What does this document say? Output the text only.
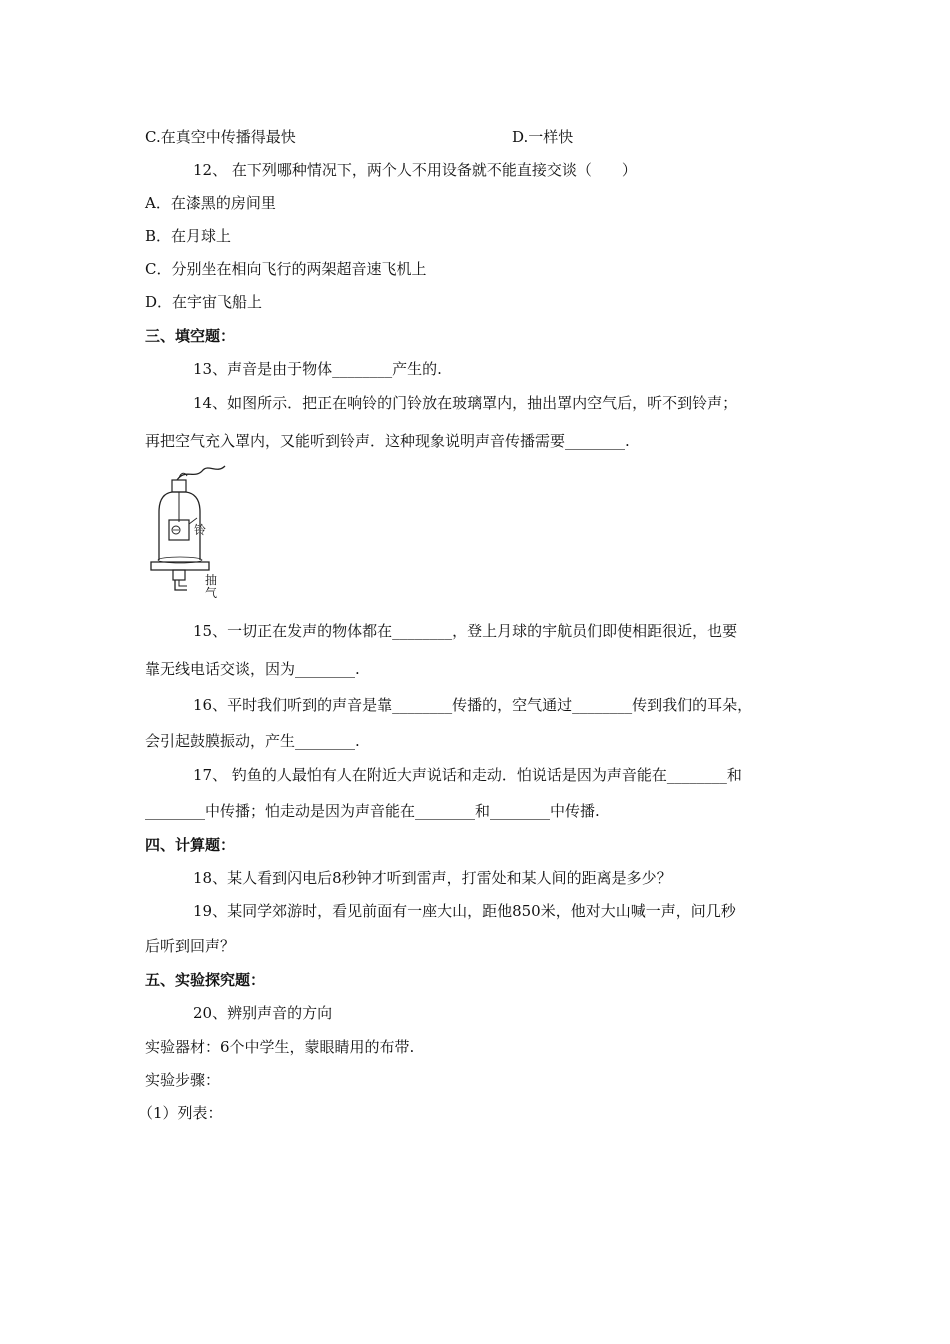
C.在真空中传播得最快	D.一样快
12、 在下列哪种情况下，两个人不用设备就不能直接交谈（　　）
A．在漆黑的房间里
B．在月球上
C．分别坐在相向飞行的两架超音速飞机上
D．在宇宙飞船上
三、填空题：
13、声音是由于物体________产生的.
14、如图所示．把正在响铃的门铃放在玻璃罩内，抽出罩内空气后，听不到铃声；
再把空气充入罩内，又能听到铃声．这种现象说明声音传播需要________.
铃
抽气
15、一切正在发声的物体都在________，登上月球的宇航员们即使相距很近，也要
靠无线电话交谈，因为________.
16、平时我们听到的声音是靠________传播的，空气通过________传到我们的耳朵，
会引起鼓膜振动，产生________.
17、 钓鱼的人最怕有人在附近大声说话和走动．怕说话是因为声音能在________和
________中传播；怕走动是因为声音能在________和________中传播.
四、计算题：
18、某人看到闪电后8秒钟才听到雷声，打雷处和某人间的距离是多少？
19、某同学郊游时，看见前面有一座大山，距他850米，他对大山喊一声，问几秒
后听到回声？
五、实验探究题：
20、辨别声音的方向
实验器材：6个中学生，蒙眼睛用的布带.
实验步骤：
（1）列表：
